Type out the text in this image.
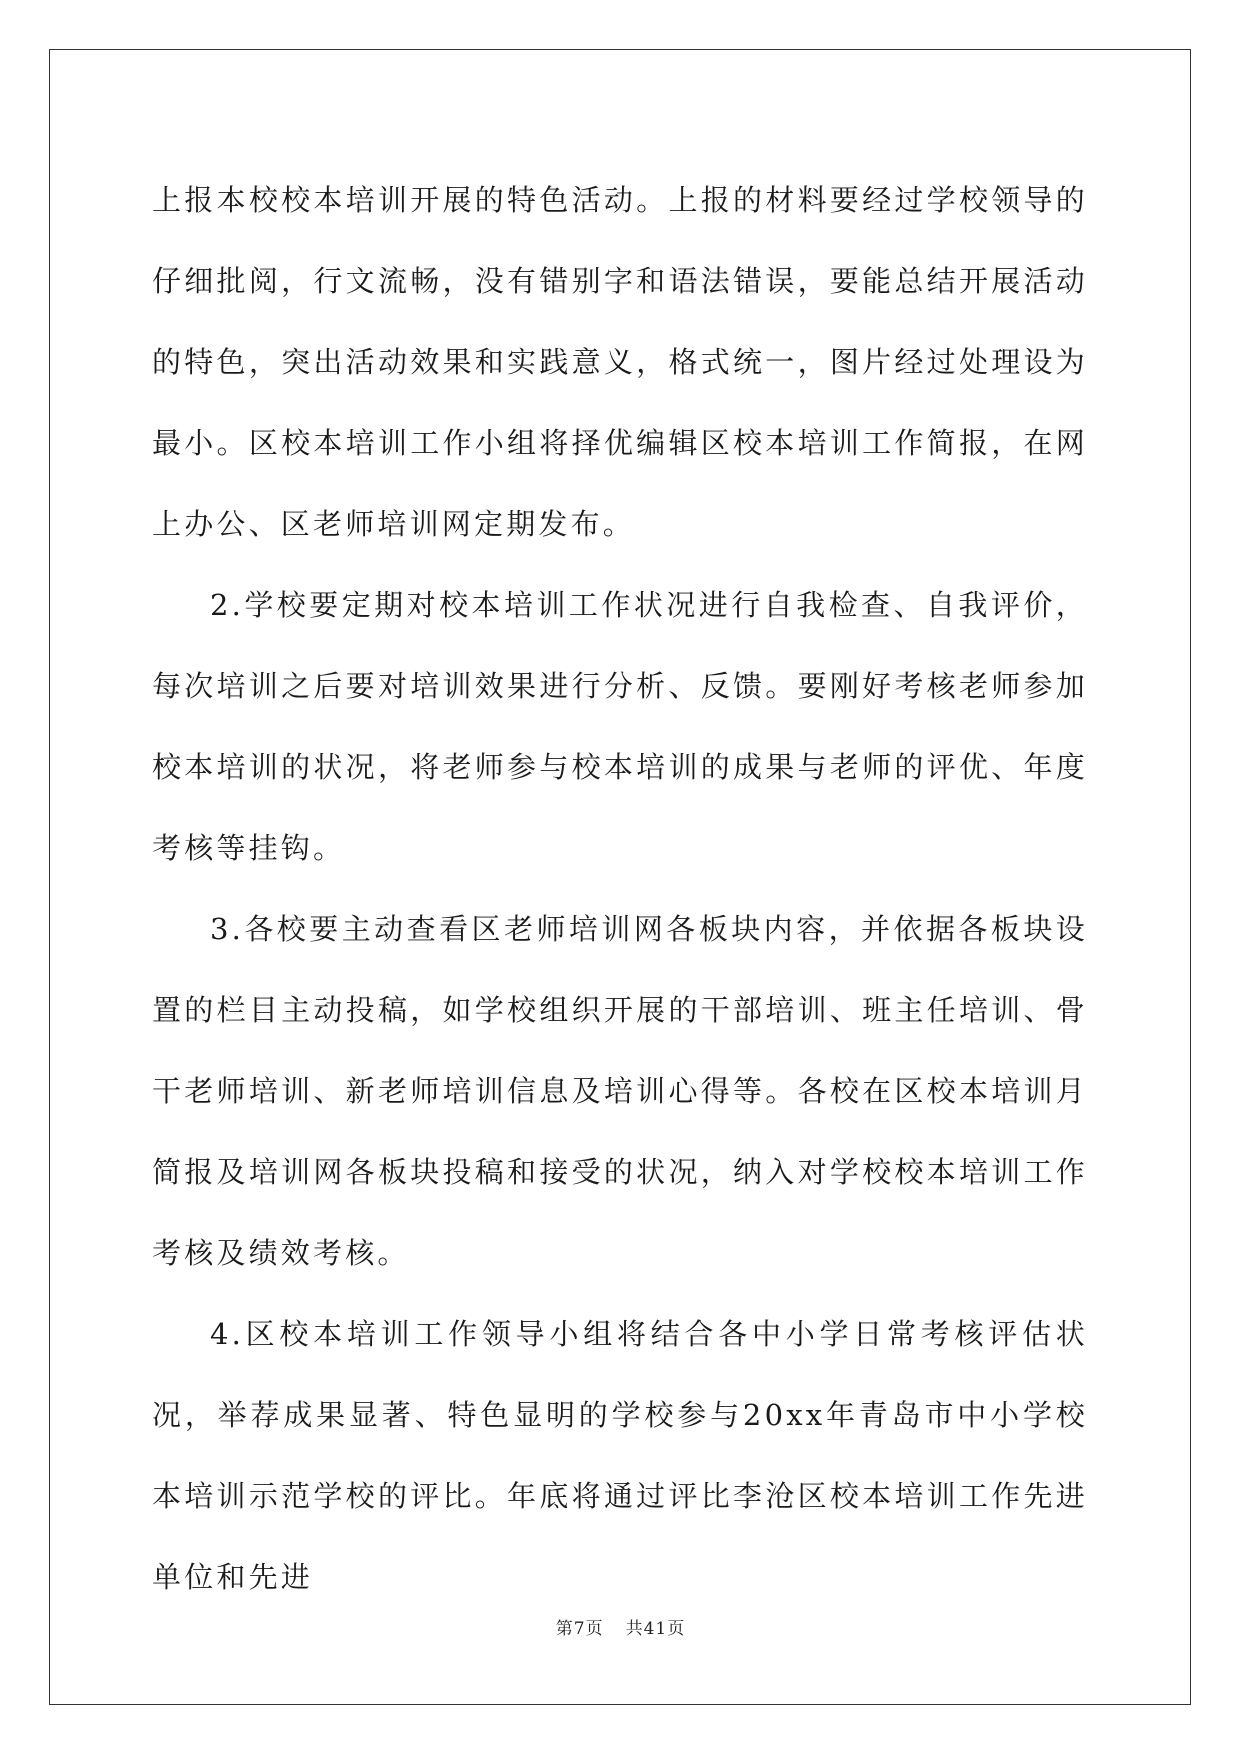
上报本校校本培训开展的特色活动。上报的材料要经过学校领导的仔细批阅，行文流畅，没有错别字和语法错误，要能总结开展活动的特色，突出活动效果和实践意义，格式统一，图片经过处理设为最小。区校本培训工作小组将择优编辑区校本培训工作简报，在网上办公、区老师培训网定期发布。

2.学校要定期对校本培训工作状况进行自我检查、自我评价，每次培训之后要对培训效果进行分析、反馈。要刚好考核老师参加校本培训的状况，将老师参与校本培训的成果与老师的评优、年度考核等挂钩。

3.各校要主动查看区老师培训网各板块内容，并依据各板块设置的栏目主动投稿，如学校组织开展的干部培训、班主任培训、骨干老师培训、新老师培训信息及培训心得等。各校在区校本培训月简报及培训网各板块投稿和接受的状况，纳入对学校校本培训工作考核及绩效考核。

4.区校本培训工作领导小组将结合各中小学日常考核评估状况，举荐成果显著、特色显明的学校参与20xx年青岛市中小学校本培训示范学校的评比。年底将通过评比李沧区校本培训工作先进单位和先进

第7页 共41页
